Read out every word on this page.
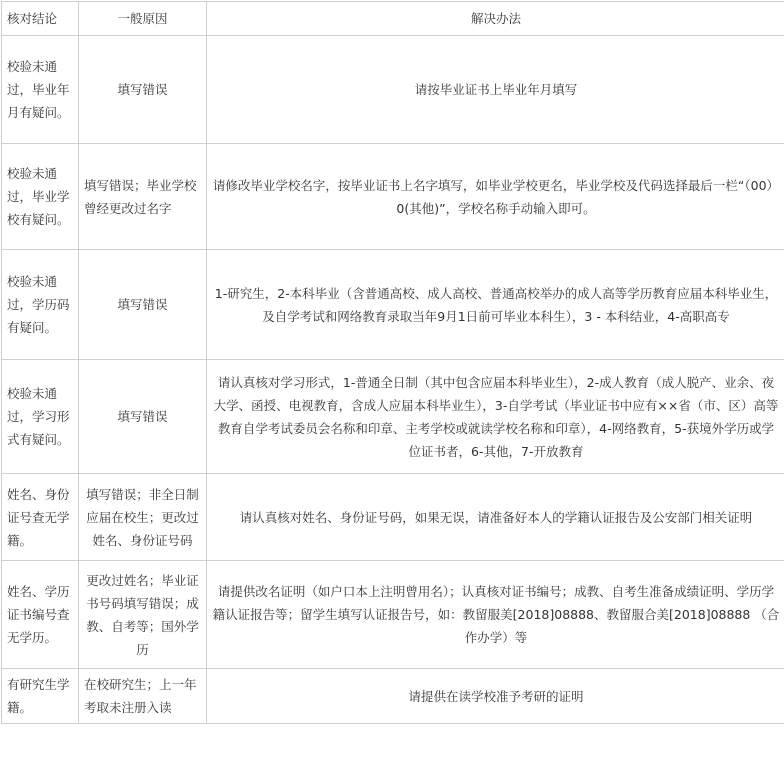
核对结论	一般原因	解决办法
校验未通过，毕业年月有疑问。	填写错误	请按毕业证书上毕业年月填写
校验未通过，毕业学校有疑问。	填写错误；毕业学校曾经更改过名字	请修改毕业学校名字，按毕业证书上名字填写，如毕业学校更名，毕业学校及代码选择最后一栏“（00）0(其他)”，学校名称手动输入即可。
校验未通过，学历码有疑问。	填写错误	1-研究生，2-本科毕业（含普通高校、成人高校、普通高校举办的成人高等学历教育应届本科毕业生，及自学考试和网络教育录取当年9月1日前可毕业本科生），3 - 本科结业，4-高职高专
校验未通过，学习形式有疑问。	填写错误	请认真核对学习形式，1-普通全日制（其中包含应届本科毕业生），2-成人教育（成人脱产、业余、夜大学、函授、电视教育，含成人应届本科毕业生），3-自学考试（毕业证书中应有××省（市、区）高等教育自学考试委员会名称和印章、主考学校或就读学校名称和印章），4-网络教育，5-获境外学历或学位证书者，6-其他，7-开放教育
姓名、身份证号查无学籍。	填写错误；非全日制应届在校生；更改过姓名、身份证号码	请认真核对姓名、身份证号码，如果无误，请准备好本人的学籍认证报告及公安部门相关证明
姓名、学历证书编号查无学历。	更改过姓名；毕业证书号码填写错误；成教、自考等；国外学历	请提供改名证明（如户口本上注明曾用名）；认真核对证书编号；成教、自考生准备成绩证明、学历学籍认证报告等；留学生填写认证报告号，如：教留服美[2018]08888、教留服合美[2018]08888 （合作办学）等
有研究生学籍。	在校研究生；上一年考取未注册入读	请提供在读学校准予考研的证明
